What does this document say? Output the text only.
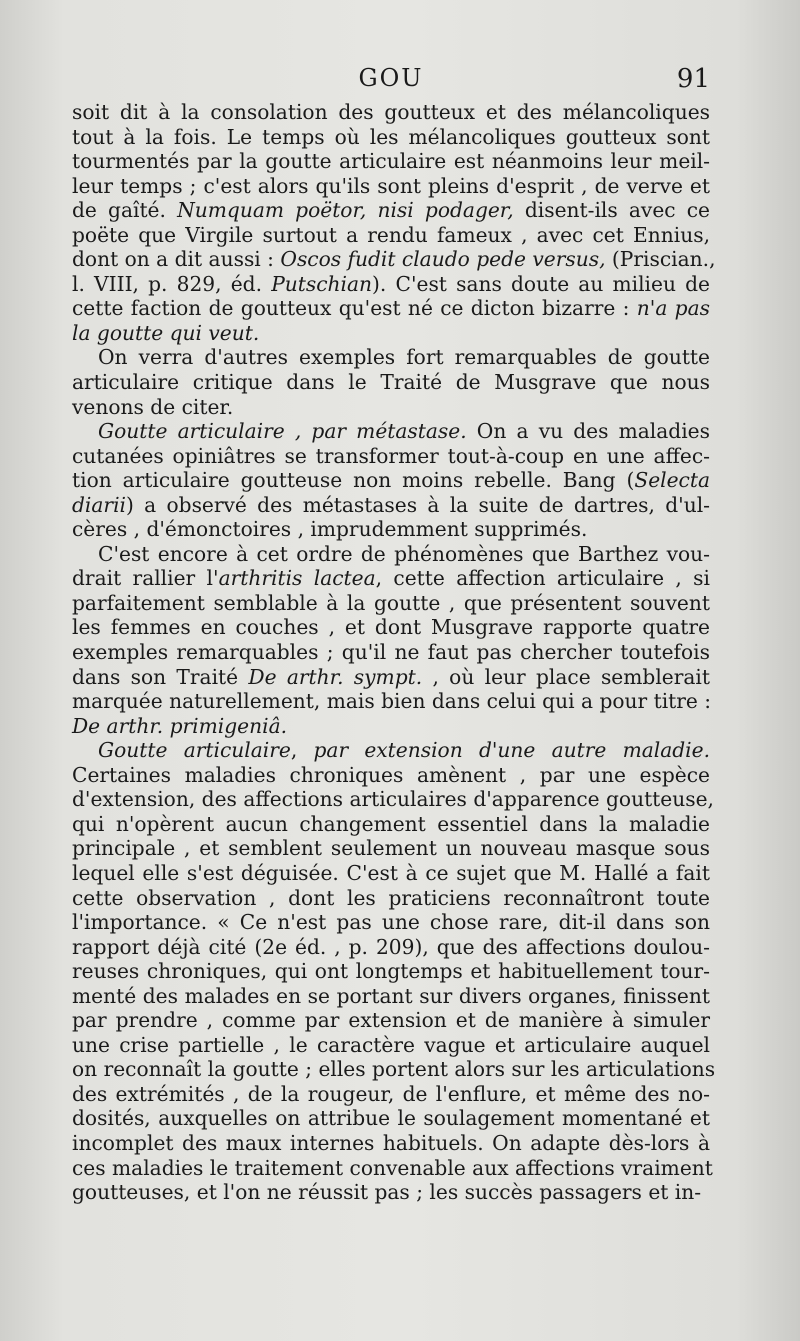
GOU	91

soit dit à la consolation des goutteux et des mélancoliques
tout à la fois. Le temps où les mélancoliques goutteux sont
tourmentés par la goutte articulaire est néanmoins leur meil-
leur temps ; c'est alors qu'ils sont pleins d'esprit , de verve et
de gaîté. Numquam poëtor, nisi podager, disent-ils avec ce
poëte que Virgile surtout a rendu fameux , avec cet Ennius,
dont on a dit aussi : Oscos fudit claudo pede versus, (Priscian.,
l. VIII, p. 829, éd. Putschian). C'est sans doute au milieu de
cette faction de goutteux qu'est né ce dicton bizarre : n'a pas
la goutte qui veut.

On verra d'autres exemples fort remarquables de goutte
articulaire critique dans le Traité de Musgrave que nous
venons de citer.

Goutte articulaire , par métastase. On a vu des maladies
cutanées opiniâtres se transformer tout-à-coup en une affec-
tion articulaire goutteuse non moins rebelle. Bang (Selecta
diarii) a observé des métastases à la suite de dartres, d'ul-
cères , d'émonctoires , imprudemment supprimés.

C'est encore à cet ordre de phénomènes que Barthez vou-
drait rallier l'arthritis lactea, cette affection articulaire , si
parfaitement semblable à la goutte , que présentent souvent
les femmes en couches , et dont Musgrave rapporte quatre
exemples remarquables ; qu'il ne faut pas chercher toutefois
dans son Traité De arthr. sympt. , où leur place semblerait
marquée naturellement, mais bien dans celui qui a pour titre :
De arthr. primigeniâ.

Goutte articulaire, par extension d'une autre maladie.
Certaines maladies chroniques amènent , par une espèce
d'extension, des affections articulaires d'apparence goutteuse,
qui n'opèrent aucun changement essentiel dans la maladie
principale , et semblent seulement un nouveau masque sous
lequel elle s'est déguisée. C'est à ce sujet que M. Hallé a fait
cette observation , dont les praticiens reconnaîtront toute
l'importance. « Ce n'est pas une chose rare, dit-il dans son
rapport déjà cité (2e éd. , p. 209), que des affections doulou-
reuses chroniques, qui ont longtemps et habituellement tour-
menté des malades en se portant sur divers organes, finissent
par prendre , comme par extension et de manière à simuler
une crise partielle , le caractère vague et articulaire auquel
on reconnaît la goutte ; elles portent alors sur les articulations
des extrémités , de la rougeur, de l'enflure, et même des no-
dosités, auxquelles on attribue le soulagement momentané et
incomplet des maux internes habituels. On adapte dès-lors à
ces maladies le traitement convenable aux affections vraiment
goutteuses, et l'on ne réussit pas ; les succès passagers et in-
